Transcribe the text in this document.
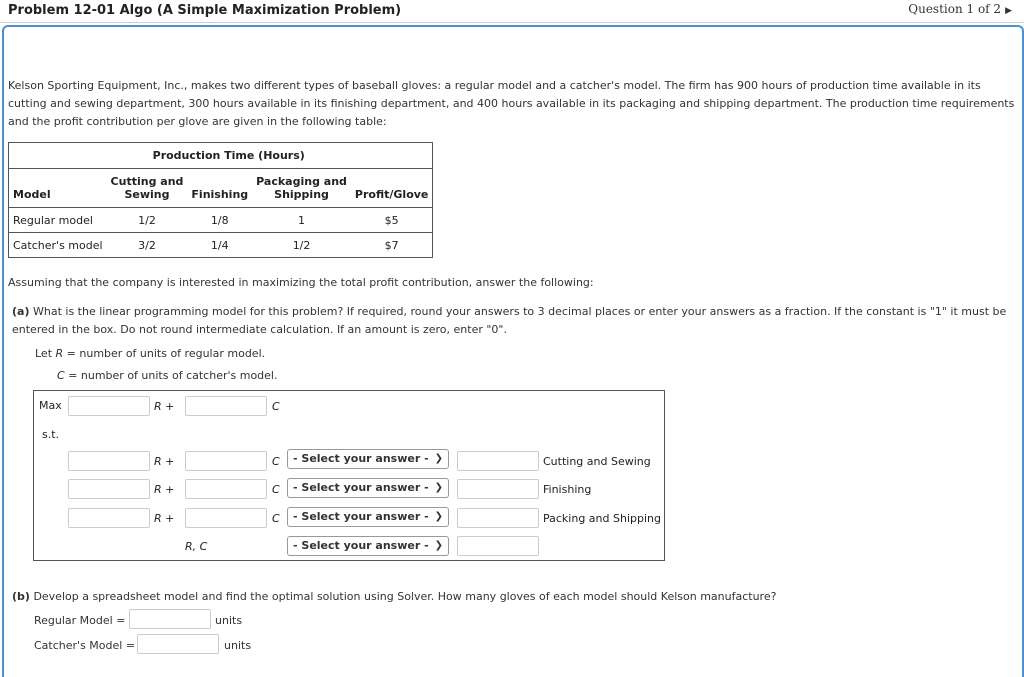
Problem 12-01 Algo (A Simple Maximization Problem)	Question 1 of 2 ▶
Kelson Sporting Equipment, Inc., makes two different types of baseball gloves: a regular model and a catcher's model. The firm has 900 hours of production time available in its cutting and sewing department, 300 hours available in its finishing department, and 400 hours available in its packaging and shipping department. The production time requirements and the profit contribution per glove are given in the following table:
	Production Time (Hours)			
	Cutting and		Packaging and	
Model	Sewing	Finishing	Shipping	Profit/Glove
Regular model	1/2	1/8	1	$5
Catcher's model	3/2	1/4	1/2	$7
Assuming that the company is interested in maximizing the total profit contribution, answer the following:
(a) What is the linear programming model for this problem? If required, round your answers to 3 decimal places or enter your answers as a fraction. If the constant is "1" it must be entered in the box. Do not round intermediate calculation. If an amount is zero, enter "0".
Let R = number of units of regular model.
C = number of units of catcher's model.
Max	R +	C
s.t.
R +	C	- Select your answer - ❯	Cutting and Sewing
R +	C	- Select your answer - ❯	Finishing
R +	C	- Select your answer - ❯	Packing and Shipping
R, C	- Select your answer - ❯
(b) Develop a spreadsheet model and find the optimal solution using Solver. How many gloves of each model should Kelson manufacture?
Regular Model =	units
Catcher's Model =	units
